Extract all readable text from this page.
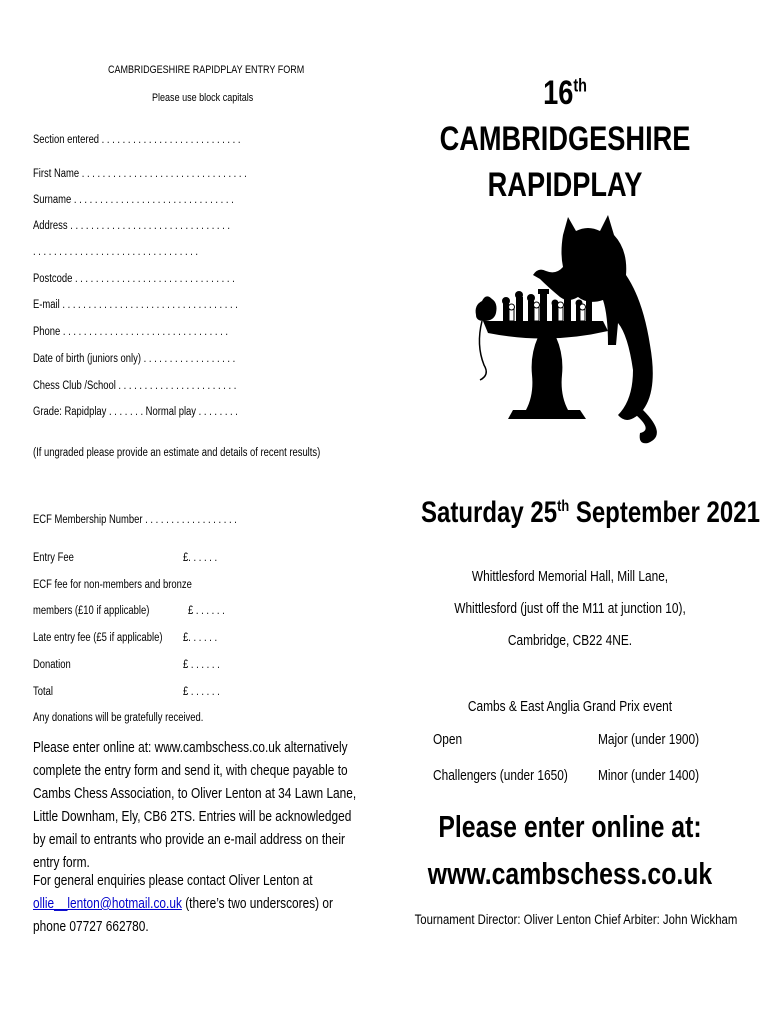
CAMBRIDGESHIRE RAPIDPLAY ENTRY FORM
Please use block capitals
Section entered . . . . . . . . . . . . . . . . . . . . . . . . . . .
First Name . . . . . . . . . . . . . . . . . . . . . . . . . . . . . . . .
Surname . . . . . . . . . . . . . . . . . . . . . . . . . . . . . . .
Address . . . . . . . . . . . . . . . . . . . . . . . . . . . . . . .
. . . . . . . . . . . . . . . . . . . . . . . . . . . . . . . .
Postcode . . . . . . . . . . . . . . . . . . . . . . . . . . . . . . .
E-mail . . . . . . . . . . . . . . . . . . . . . . . . . . . . . . . . . .
Phone . . . . . . . . . . . . . . . . . . . . . . . . . . . . . . . .
Date of birth (juniors only) . . . . . . . . . . . . . . . . . .
Chess Club /School . . . . . . . . . . . . . . . . . . . . . . .
Grade: Rapidplay . . . . . . . Normal play . . . . . . . .
(If ungraded please provide an estimate and details of recent results)
ECF Membership Number . . . . . . . . . . . . . . . . . .
Entry Fee	£. . . . . .
ECF fee for non-members and bronze
members (£10 if applicable)	£ . . . . . .
Late entry fee (£5 if applicable) £. . . . . .
Donation	£ . . . . . .
Total	£ . . . . . .
Any donations will be gratefully received.
Please enter online at: www.cambschess.co.uk alternatively complete the entry form and send it, with cheque payable to Cambs Chess Association, to Oliver Lenton at 34 Lawn Lane, Little Downham, Ely, CB6 2TS. Entries will be acknowledged by email to entrants who provide an e-mail address on their entry form.
For general enquiries please contact Oliver Lenton at
ollie__lenton@hotmail.co.uk (there’s two underscores) or phone 07727 662780.
16th CAMBRIDGESHIRE
RAPIDPLAY
Saturday 25th September 2021
Whittlesford Memorial Hall, Mill Lane,
Whittlesford (just off the M11 at junction 10),
Cambridge, CB22 4NE.
Cambs & East Anglia Grand Prix event
Open	Major (under 1900)
Challengers (under 1650) Minor (under 1400)
Please enter online at:
www.cambschess.co.uk
Tournament Director: Oliver Lenton Chief Arbiter: John Wickham
